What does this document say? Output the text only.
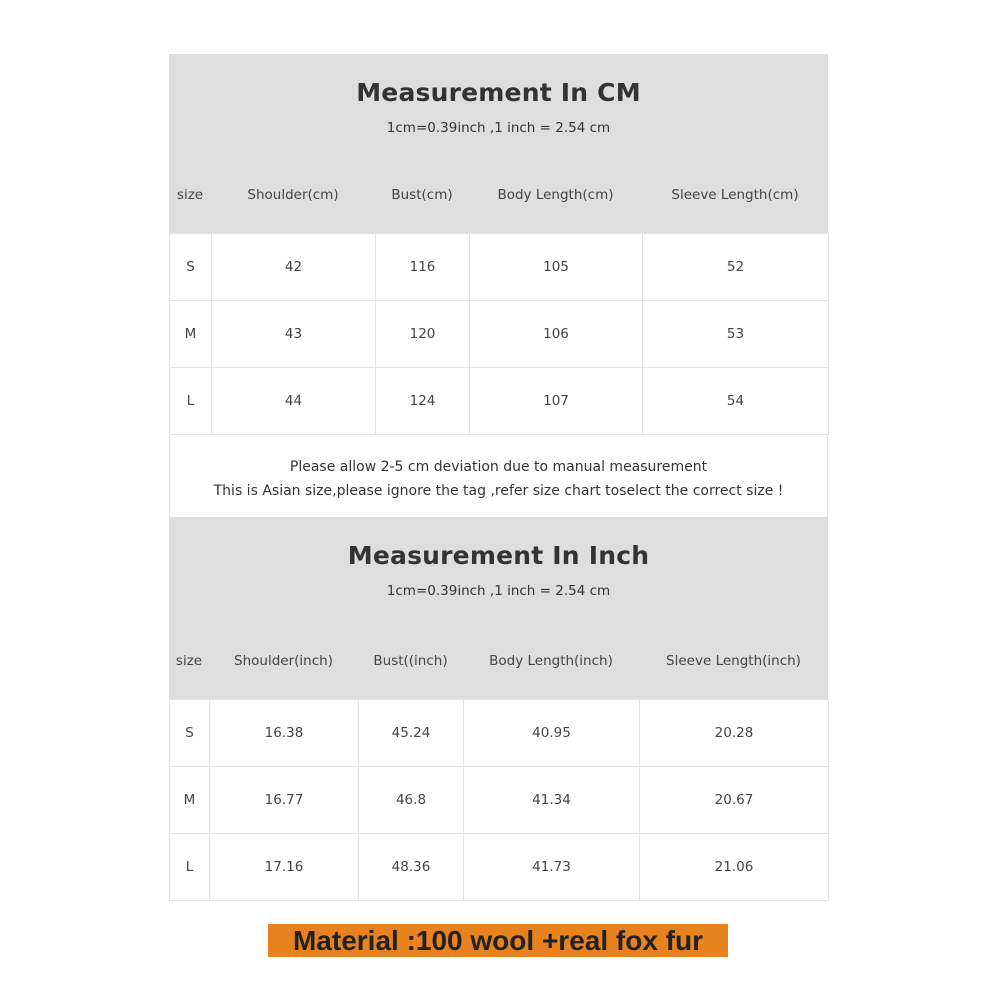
Measurement In CM
1cm=0.39inch ,1 inch = 2.54 cm
size	Shoulder(cm)	Bust(cm)	Body Length(cm)	Sleeve Length(cm)
S	42	116	105	52
M	43	120	106	53
L	44	124	107	54
Please allow 2-5 cm deviation due to manual measurement
This is Asian size,please ignore the tag ,refer size chart toselect the correct size !
Measurement In Inch
1cm=0.39inch ,1 inch = 2.54 cm
size	Shoulder(inch)	Bust((inch)	Body Length(inch)	Sleeve Length(inch)
S	16.38	45.24	40.95	20.28
M	16.77	46.8	41.34	20.67
L	17.16	48.36	41.73	21.06
Material :100 wool +real fox fur
